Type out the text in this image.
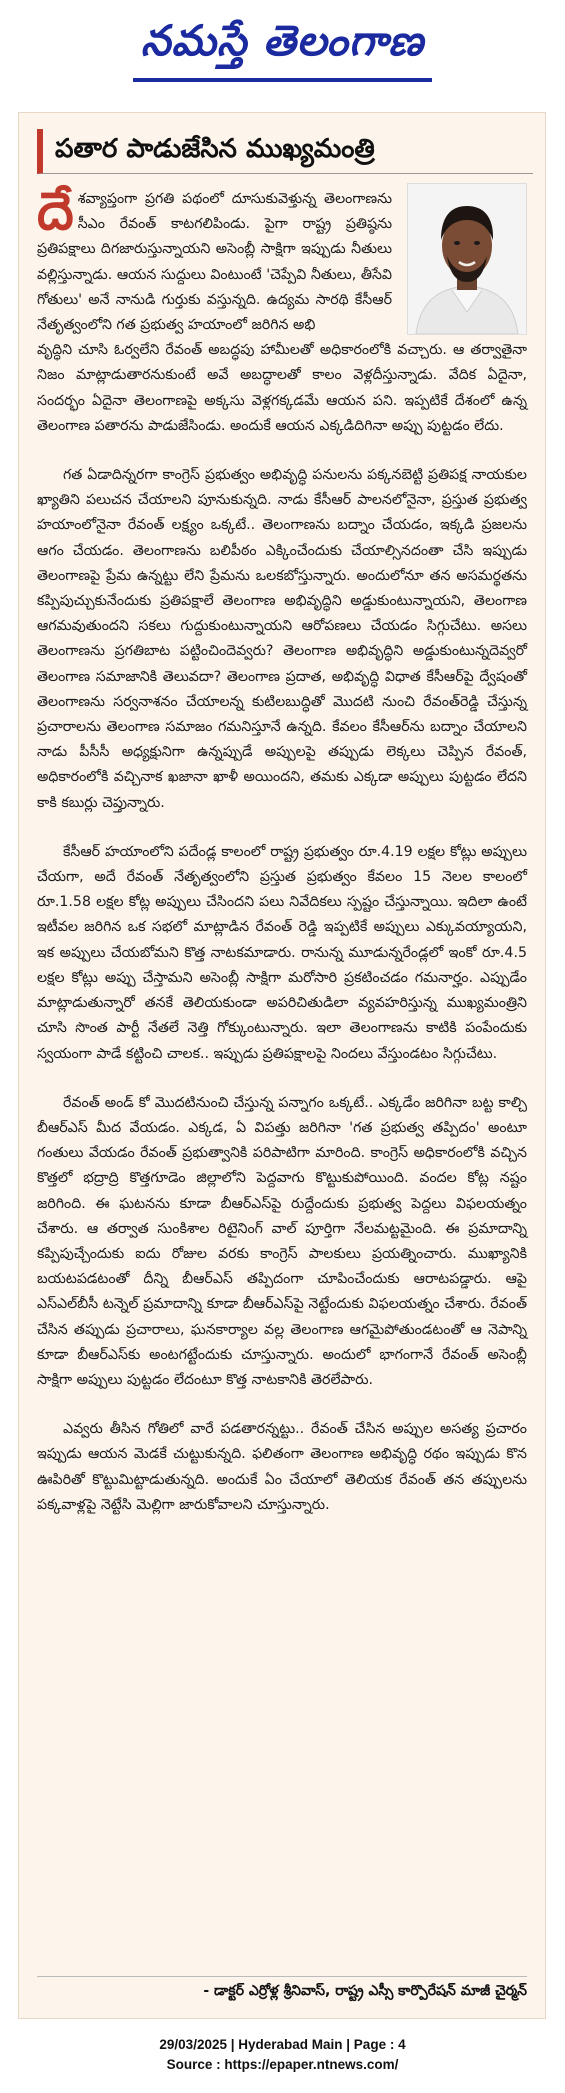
నమస్తే తెలంగాణ
పతార పాడుజేసిన ముఖ్యమంత్రి

దేశవ్యాప్తంగా ప్రగతి పథంలో దూసుకువెళ్తున్న తెలంగాణను సీఎం రేవంత్ కాటగలిపిండు. పైగా రాష్ట్ర ప్రతిష్ఠను ప్రతిపక్షాలు దిగజారుస్తున్నాయని అసెంబ్లీ సాక్షిగా ఇప్పుడు నీతులు వల్లిస్తున్నాడు. ఆయన సుద్దులు వింటుంటే 'చెప్పేవి నీతులు, తీసేవి గోతులు' అనే నానుడి గుర్తుకు వస్తున్నది. ఉద్యమ సారథి కేసీఆర్ నేతృత్వంలోని గత ప్రభుత్వ హయాంలో జరిగిన అభి
వృద్ధిని చూసి ఓర్వలేని రేవంత్ అబద్ధపు హామీలతో అధికారంలోకి వచ్చారు. ఆ తర్వాతైనా నిజం మాట్లాడుతారనుకుంటే అవే అబద్ధాలతో కాలం వెళ్లదీస్తున్నాడు. వేదిక ఏదైనా, సందర్భం ఏదైనా తెలంగాణపై అక్కసు వెళ్లగక్కడమే ఆయన పని. ఇప్పటికే దేశంలో ఉన్న తెలంగాణ పతారను పాడుజేసిండు. అందుకే ఆయన ఎక్కడిదిగినా అప్పు పుట్టడం లేదు.

గత ఏడాదిన్నరగా కాంగ్రెస్ ప్రభుత్వం అభివృద్ధి పనులను పక్కనబెట్టి ప్రతిపక్ష నాయకుల ఖ్యాతిని పలుచన చేయాలని పూనుకున్నది. నాడు కేసీఆర్ పాలనలోనైనా, ప్రస్తుత ప్రభుత్వ హయాంలోనైనా రేవంత్ లక్ష్యం ఒక్కటే.. తెలంగాణను బద్నాం చేయడం, ఇక్కడి ప్రజలను ఆగం చేయడం. తెలంగాణను బలిపీఠం ఎక్కించేందుకు చేయాల్సినదంతా చేసి ఇప్పుడు తెలంగాణపై ప్రేమ ఉన్నట్టు లేని ప్రేమను ఒలకబోస్తున్నారు. అందులోనూ తన అసమర్థతను కప్పిపుచ్చుకునేందుకు ప్రతిపక్షాలే తెలంగాణ అభివృద్ధిని అడ్డుకుంటున్నాయని, తెలంగాణ ఆగమవుతుందని సకలు గుద్దుకుంటున్నాయని ఆరోపణలు చేయడం సిగ్గుచేటు. అసలు తెలంగాణను ప్రగతిబాట పట్టించిందెవ్వరు? తెలంగాణ అభివృద్ధిని అడ్డుకుంటున్నదెవ్వరో తెలంగాణ సమాజానికి తెలువదా? తెలంగాణ ప్రదాత, అభివృద్ధి విధాత కేసీఆర్‌పై ద్వేషంతో తెలంగాణను సర్వనాశనం చేయాలన్న కుటిలబుద్ధితో మొదటి నుంచి రేవంత్‌రెడ్డి చేస్తున్న ప్రచారాలను తెలంగాణ సమాజం గమనిస్తూనే ఉన్నది. కేవలం కేసీఆర్‌ను బద్నాం చేయాలని నాడు పీసీసీ అధ్యక్షునిగా ఉన్నప్పుడే అప్పులపై తప్పుడు లెక్కలు చెప్పిన రేవంత్, అధికారంలోకి వచ్చినాక ఖజానా ఖాళీ అయిందని, తమకు ఎక్కడా అప్పులు పుట్టడం లేదని కాకి కబుర్లు చెప్తున్నారు.

కేసీఆర్ హయాంలోని పదేండ్ల కాలంలో రాష్ట్ర ప్రభుత్వం రూ.4.19 లక్షల కోట్లు అప్పులు చేయగా, అదే రేవంత్ నేతృత్వంలోని ప్రస్తుత ప్రభుత్వం కేవలం 15 నెలల కాలంలో రూ.1.58 లక్షల కోట్ల అప్పులు చేసిందని పలు నివేదికలు స్పష్టం చేస్తున్నాయి. ఇదిలా ఉంటే ఇటీవల జరిగిన ఒక సభలో మాట్లాడిన రేవంత్ రెడ్డి ఇప్పటికే అప్పులు ఎక్కువయ్యాయని, ఇక అప్పులు చేయబోమని కొత్త నాటకమాడారు. రానున్న మూడున్నరేండ్లలో ఇంకో రూ.4.5 లక్షల కోట్లు అప్పు చేస్తామని అసెంబ్లీ సాక్షిగా మరోసారి ప్రకటించడం గమనార్హం. ఎప్పుడేం మాట్లాడుతున్నారో తనకే తెలియకుండా అపరిచితుడిలా వ్యవహరిస్తున్న ముఖ్యమంత్రిని చూసి సొంత పార్టీ నేతలే నెత్తి గోక్కుంటున్నారు. ఇలా తెలంగాణను కాటికి పంపేందుకు స్వయంగా పాడే కట్టించి చాలక.. ఇప్పుడు ప్రతిపక్షాలపై నిందలు వేస్తుండటం సిగ్గుచేటు.

రేవంత్ అండ్ కో మొదటినుంచి చేస్తున్న పన్నాగం ఒక్కటే.. ఎక్కడేం జరిగినా బట్ట కాల్చి బీఆర్‌ఎస్ మీద వేయడం. ఎక్కడ, ఏ విపత్తు జరిగినా 'గత ప్రభుత్వ తప్పిదం' అంటూ గంతులు వేయడం రేవంత్ ప్రభుత్వానికి పరిపాటిగా మారింది. కాంగ్రెస్ అధికారంలోకి వచ్చిన కొత్తలో భద్రాద్రి కొత్తగూడెం జిల్లాలోని పెద్దవాగు కొట్టుకుపోయింది. వందల కోట్ల నష్టం జరిగింది. ఈ ఘటనను కూడా బీఆర్‌ఎస్‌పై రుద్దేందుకు ప్రభుత్వ పెద్దలు విఫలయత్నం చేశారు. ఆ తర్వాత సుంకిశాల రిటైనింగ్ వాల్ పూర్తిగా నేలమట్టమైంది. ఈ ప్రమాదాన్ని కప్పిపుచ్చేందుకు ఐదు రోజుల వరకు కాంగ్రెస్ పాలకులు ప్రయత్నించారు. ముఖ్యానికి బయటపడటంతో దీన్ని బీఆర్‌ఎస్ తప్పిదంగా చూపించేందుకు ఆరాటపడ్డారు. ఆపై ఎస్ఎల్‌బీసీ టన్నెల్ ప్రమాదాన్ని కూడా బీఆర్‌ఎస్‌పై నెట్టేందుకు విఫలయత్నం చేశారు. రేవంత్ చేసిన తప్పుడు ప్రచారాలు, ఘనకార్యాల వల్ల తెలంగాణ ఆగమైపోతుండటంతో ఆ నెపాన్ని కూడా బీఆర్‌ఎస్‌కు అంటగట్టేందుకు చూస్తున్నారు. అందులో భాగంగానే రేవంత్ అసెంబ్లీ సాక్షిగా అప్పులు పుట్టడం లేదంటూ కొత్త నాటకానికి తెరలేపారు.

ఎవ్వరు తీసిన గోతిలో వారే పడతారన్నట్టు.. రేవంత్ చేసిన అప్పుల అసత్య ప్రచారం ఇప్పుడు ఆయన మెడకే చుట్టుకున్నది. ఫలితంగా తెలంగాణ అభివృద్ధి రథం ఇప్పుడు కొన ఊపిరితో కొట్టుమిట్టాడుతున్నది. అందుకే ఏం చేయాలో తెలియక రేవంత్ తన తప్పులను పక్కవాళ్లపై నెట్టేసి మెల్లిగా జారుకోవాలని చూస్తున్నారు.

- డాక్టర్ ఎర్రోళ్ల శ్రీనివాస్, రాష్ట్ర ఎస్సీ కార్పొరేషన్ మాజీ చైర్మన్
29/03/2025 | Hyderabad Main | Page : 4
Source : https://epaper.ntnews.com/
